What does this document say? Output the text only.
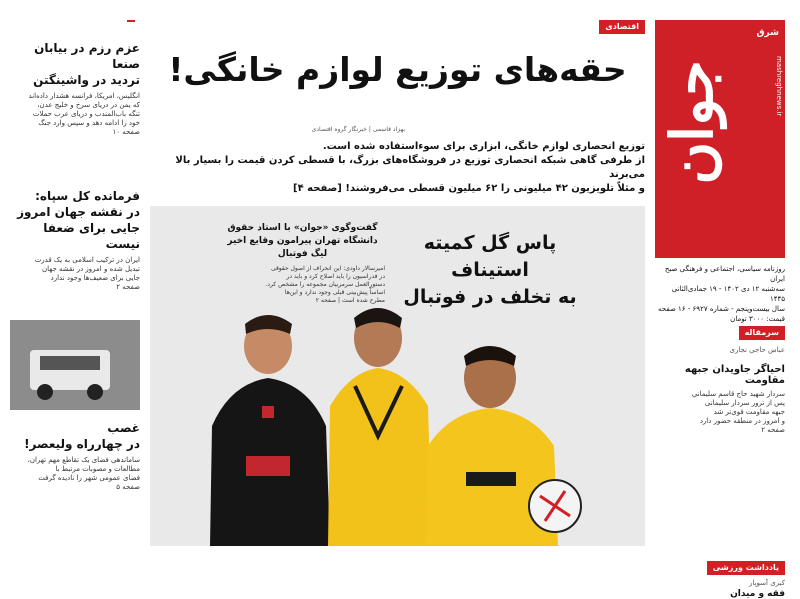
شرق
mashreghnews.ir
جوان
روزنامه سیاسی، اجتماعی و فرهنگی صبح ایران
سه‌شنبه ۱۲ دی ۱۴۰۲ - ۱۹ جمادی‌الثانی ۱۴۴۵
سال بیست‌وپنجم - شماره ۶۹۲۷ - ۱۶ صفحه
قیمت: ۳۰۰۰ تومان
اقتصادی
حقه‌های توزیع لوازم خانگی!
بهزاد قاسمی | خبرنگار گروه اقتصادی
توزیع انحصاری لوازم خانگی، ابزاری برای سوءاستفاده شده است.
از طرفی گاهی شبکه انحصاری توزیع در فروشگاه‌های بزرگ، با قسطی کردن قیمت را بسیار بالا می‌برند
و مثلاً تلویزیون ۴۲ میلیونی را ۶۲ میلیون قسطی می‌فروشند! [صفحه ۴]
پاس گل کمیته استیناف
به تخلف در فوتبال
گفت‌وگوی «جوان» با استاد حقوق دانشگاه تهران پیرامون وقایع اخیر لیگ فوتبال
امیرسالار داودی: این انحراف از اصول حقوقی
در فدراسیون را باید اصلاح کرد و باید در
دستورالعمل سرمربیان مجموعه را مشخص کرد.
اساساً پیش‌بینی قبلی وجود ندارد و این‌ها
مطرح شده است | صفحه ۲
عزم رزم در بیابان صنعا
تردید در واشینگتن
انگلیس، امریکا، فرانسه هشدار داده‌اند
که یمن در دریای سرخ و خلیج عدن،
تنگه باب‌المندب و دریای عرب حملات
خود را ادامه دهد و سپس وارد جنگ
صفحه ۱۰
فرمانده کل سپاه:
در نقشه جهان امروز
جایی برای ضعفا نیست
ایران در ترکیب اسلامی به یک قدرت
تبدیل شده و امروز در نقشه جهان
جایی برای ضعیف‌ها وجود ندارد
صفحه ۲
غصب
در چهارراه ولیعصر!
ساماندهی فضای یک تقاطع مهم تهران،
مطالعات و مصوبات مرتبط با
فضای عمومی شهر را نادیده گرفت
صفحه ۵
سرمقاله
عباس حاجی نجاری
احیاگر جاویدان جبهه مقاومت
سردار شهید حاج قاسم سلیمانی
پس از ترور سردار سلیمانی
جبهه مقاومت قوی‌تر شد
و امروز در منطقه حضور دارد
صفحه ۲
یادداشت ورزشی
کبری آسوپار
فقه و میدان
